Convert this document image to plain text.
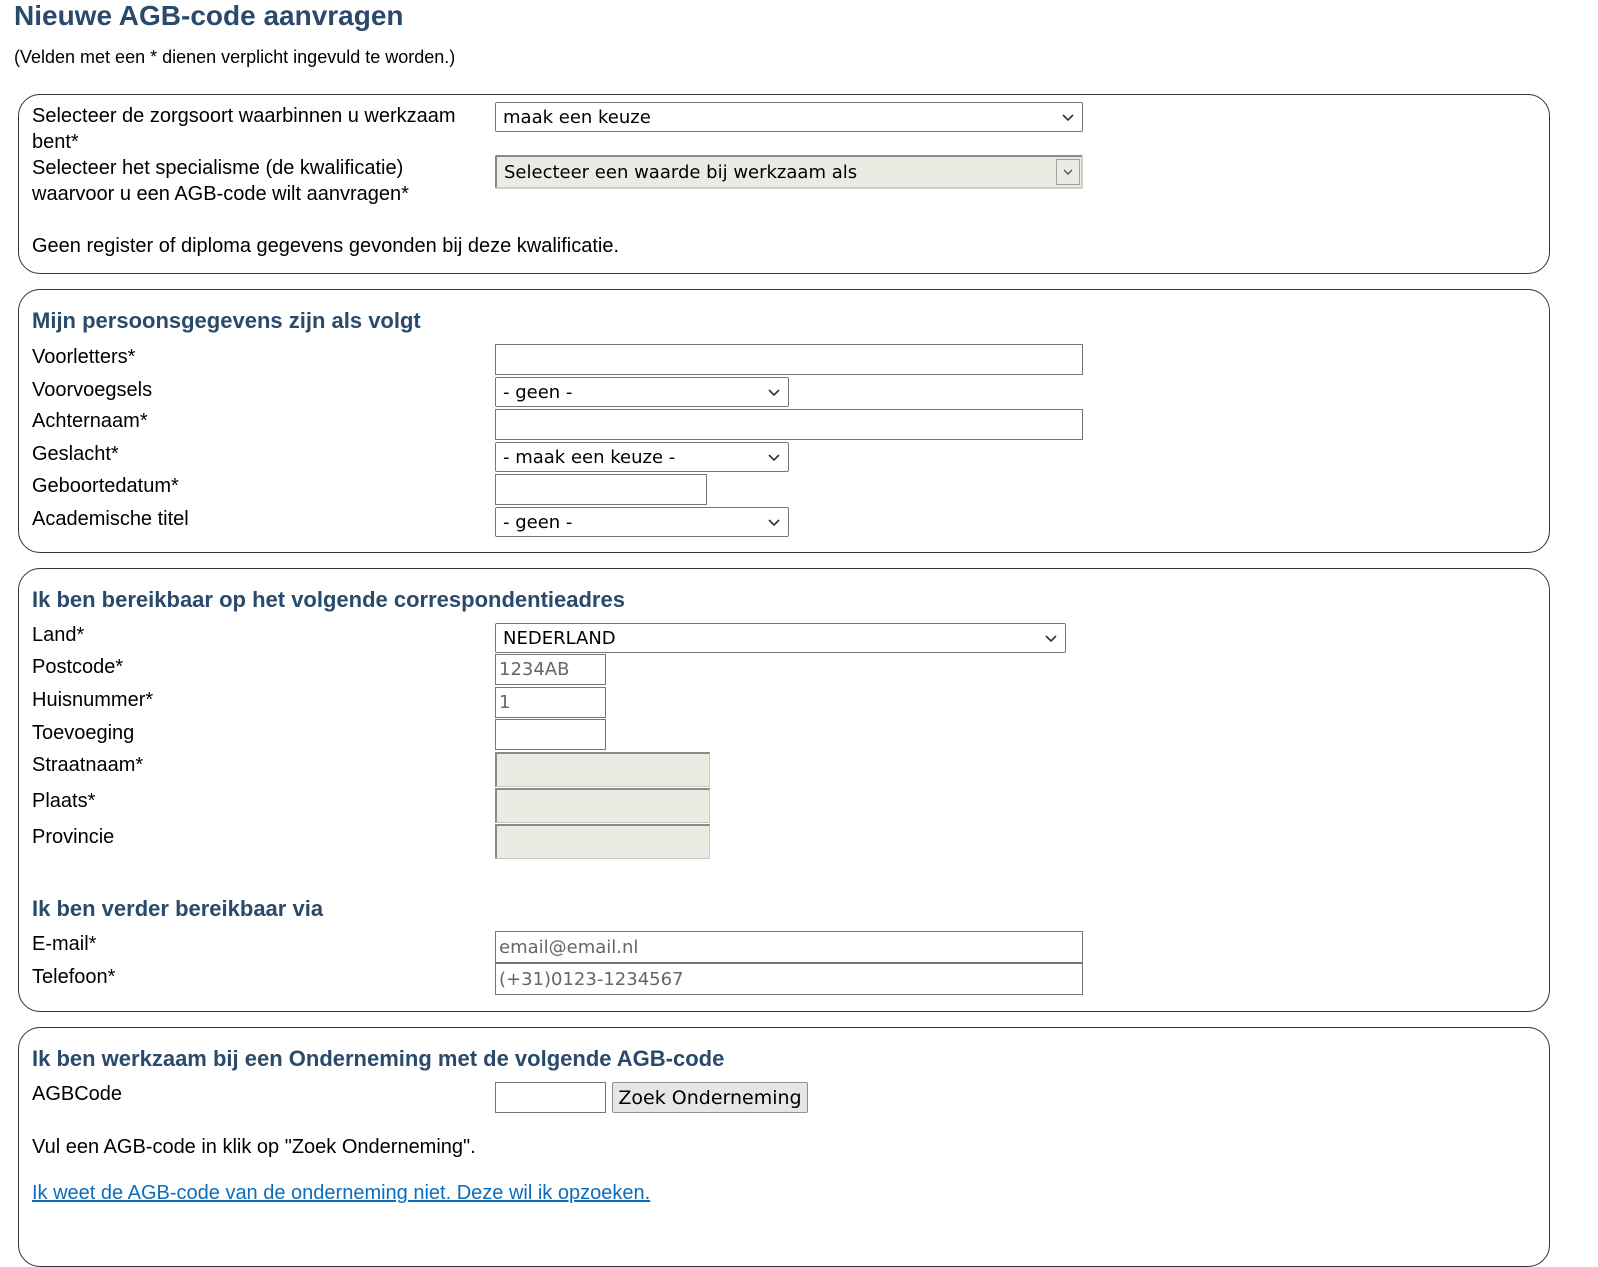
Nieuwe AGB-code aanvragen
(Velden met een * dienen verplicht ingevuld te worden.)
Selecteer de zorgsoort waarbinnen u werkzaam
bent*
maak een keuze
Selecteer het specialisme (de kwalificatie)
waarvoor u een AGB-code wilt aanvragen*
Selecteer een waarde bij werkzaam als
Geen register of diploma gegevens gevonden bij deze kwalificatie.
Mijn persoonsgegevens zijn als volgt
Voorletters*
Voorvoegsels	- geen -
Achternaam*
Geslacht*	- maak een keuze -
Geboortedatum*
Academische titel	- geen -
Ik ben bereikbaar op het volgende correspondentieadres
Land*	NEDERLAND
Postcode*	1234AB
Huisnummer*	1
Toevoeging
Straatnaam*
Plaats*
Provincie
Ik ben verder bereikbaar via
E-mail*	email@email.nl
Telefoon*	(+31)0123-1234567
Ik ben werkzaam bij een Onderneming met de volgende AGB-code
AGBCode	Zoek Onderneming
Vul een AGB-code in klik op "Zoek Onderneming".
Ik weet de AGB-code van de onderneming niet. Deze wil ik opzoeken.
